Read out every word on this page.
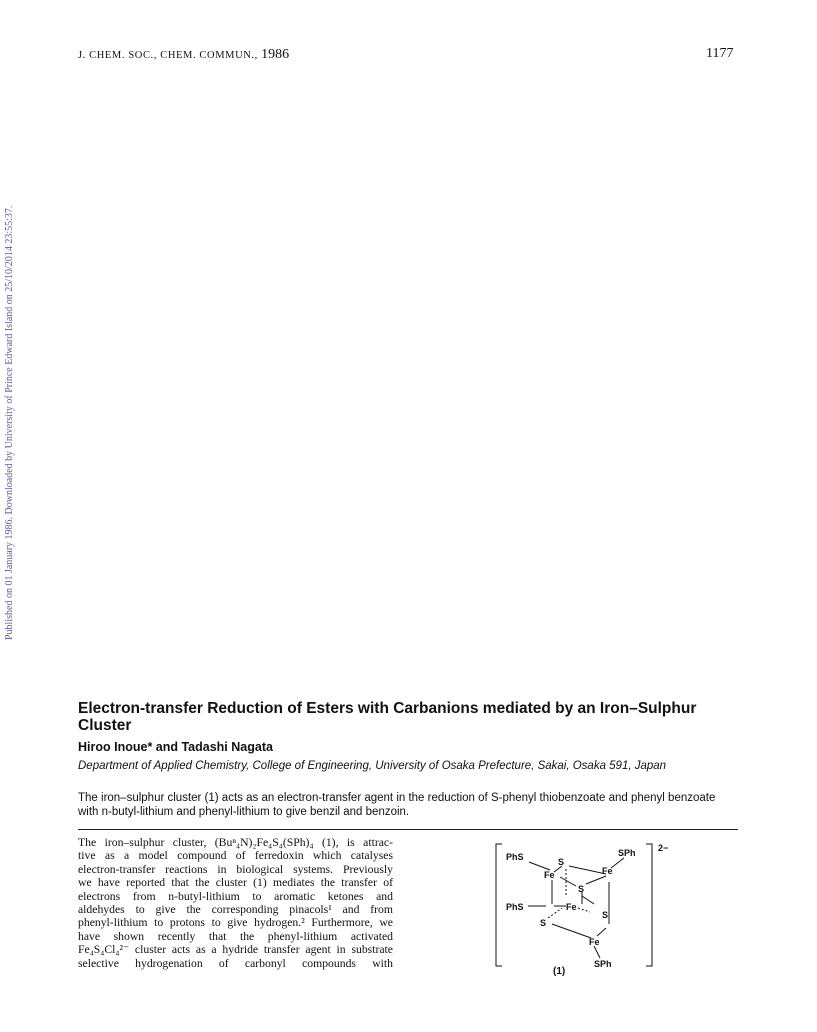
J. CHEM. SOC., CHEM. COMMUN., 1986	1177
Published on 01 January 1986. Downloaded by University of Prince Edward Island on 25/10/2014 23:55:37.
Electron-transfer Reduction of Esters with Carbanions mediated by an Iron–Sulphur Cluster
Hiroo Inoue* and Tadashi Nagata
Department of Applied Chemistry, College of Engineering, University of Osaka Prefecture, Sakai, Osaka 591, Japan
The iron–sulphur cluster (1) acts as an electron-transfer agent in the reduction of S-phenyl thiobenzoate and phenyl benzoate with n-butyl-lithium and phenyl-lithium to give benzil and benzoin.
The iron–sulphur cluster, (Buⁿ₄N)₂Fe₄S₄(SPh)₄ (1), is attrac-
tive as a model compound of ferredoxin which catalyses
electron-transfer reactions in biological systems. Previously
we have reported that the cluster (1) mediates the transfer of
electrons from n-butyl-lithium to aromatic ketones and
aldehydes to give the corresponding pinacols¹ and from
phenyl-lithium to protons to give hydrogen.² Furthermore, we
have shown recently that the phenyl-lithium activated
Fe₄S₄Cl₄²⁻ cluster acts as a hydride transfer agent in substrate
selective hydrogenation of carbonyl compounds with
2−
PhS	S
SPh
Fe	Fe
S
PhS	Fe
S
S
Fe
SPh
(1)
